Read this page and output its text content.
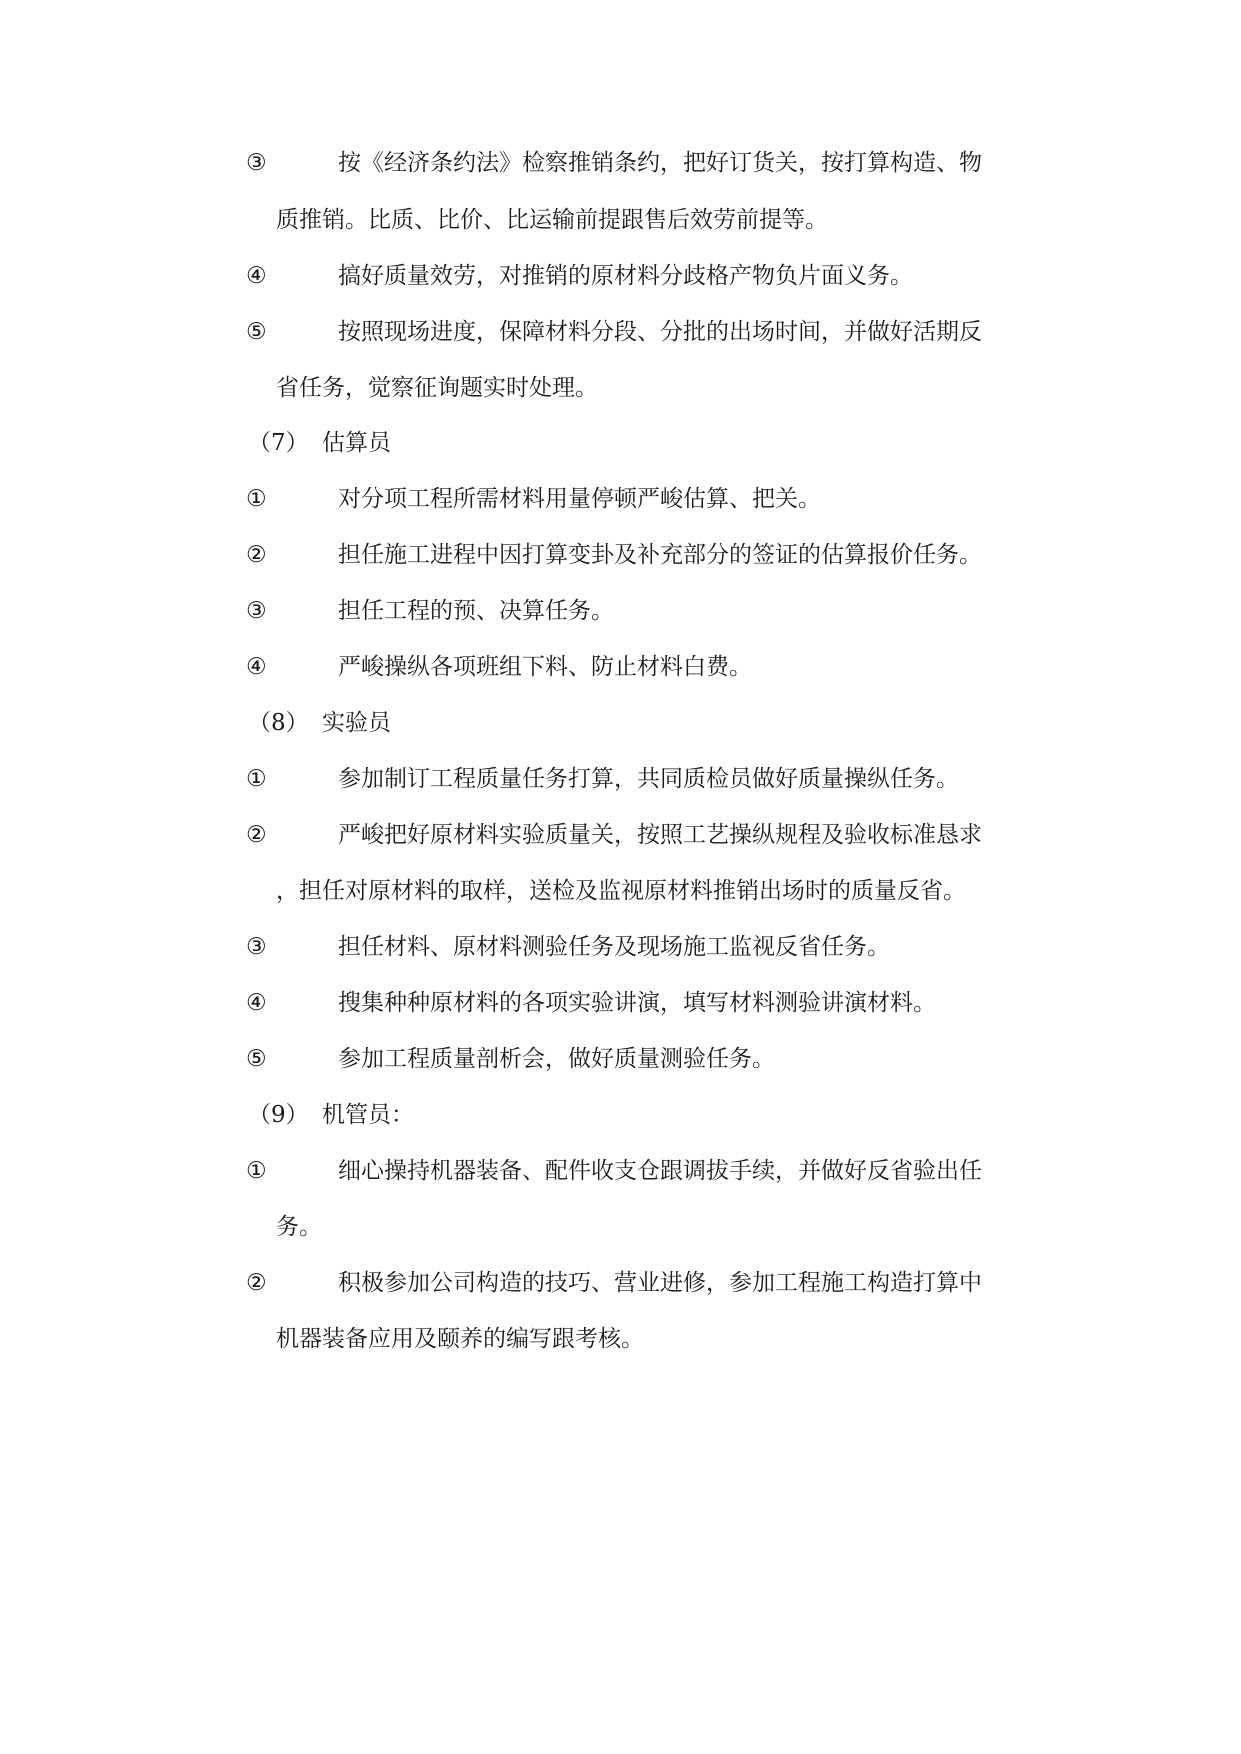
③	按《经济条约法》检察推销条约，把好订货关，按打算构造、物
质推销。比质、比价、比运输前提跟售后效劳前提等。
④	搞好质量效劳，对推销的原材料分歧格产物负片面义务。
⑤	按照现场进度，保障材料分段、分批的出场时间，并做好活期反
省任务，觉察征询题实时处理。
（7） 估算员
①	对分项工程所需材料用量停顿严峻估算、把关。
②	担任施工进程中因打算变卦及补充部分的签证的估算报价任务。
③	担任工程的预、决算任务。
④	严峻操纵各项班组下料、防止材料白费。
（8） 实验员
①	参加制订工程质量任务打算，共同质检员做好质量操纵任务。
②	严峻把好原材料实验质量关，按照工艺操纵规程及验收标准恳求
，担任对原材料的取样，送检及监视原材料推销出场时的质量反省。
③	担任材料、原材料测验任务及现场施工监视反省任务。
④	搜集种种原材料的各项实验讲演，填写材料测验讲演材料。
⑤	参加工程质量剖析会，做好质量测验任务。
（9） 机管员：
①	细心操持机器装备、配件收支仓跟调拔手续，并做好反省验出任
务。
②	积极参加公司构造的技巧、营业进修，参加工程施工构造打算中
机器装备应用及颐养的编写跟考核。
